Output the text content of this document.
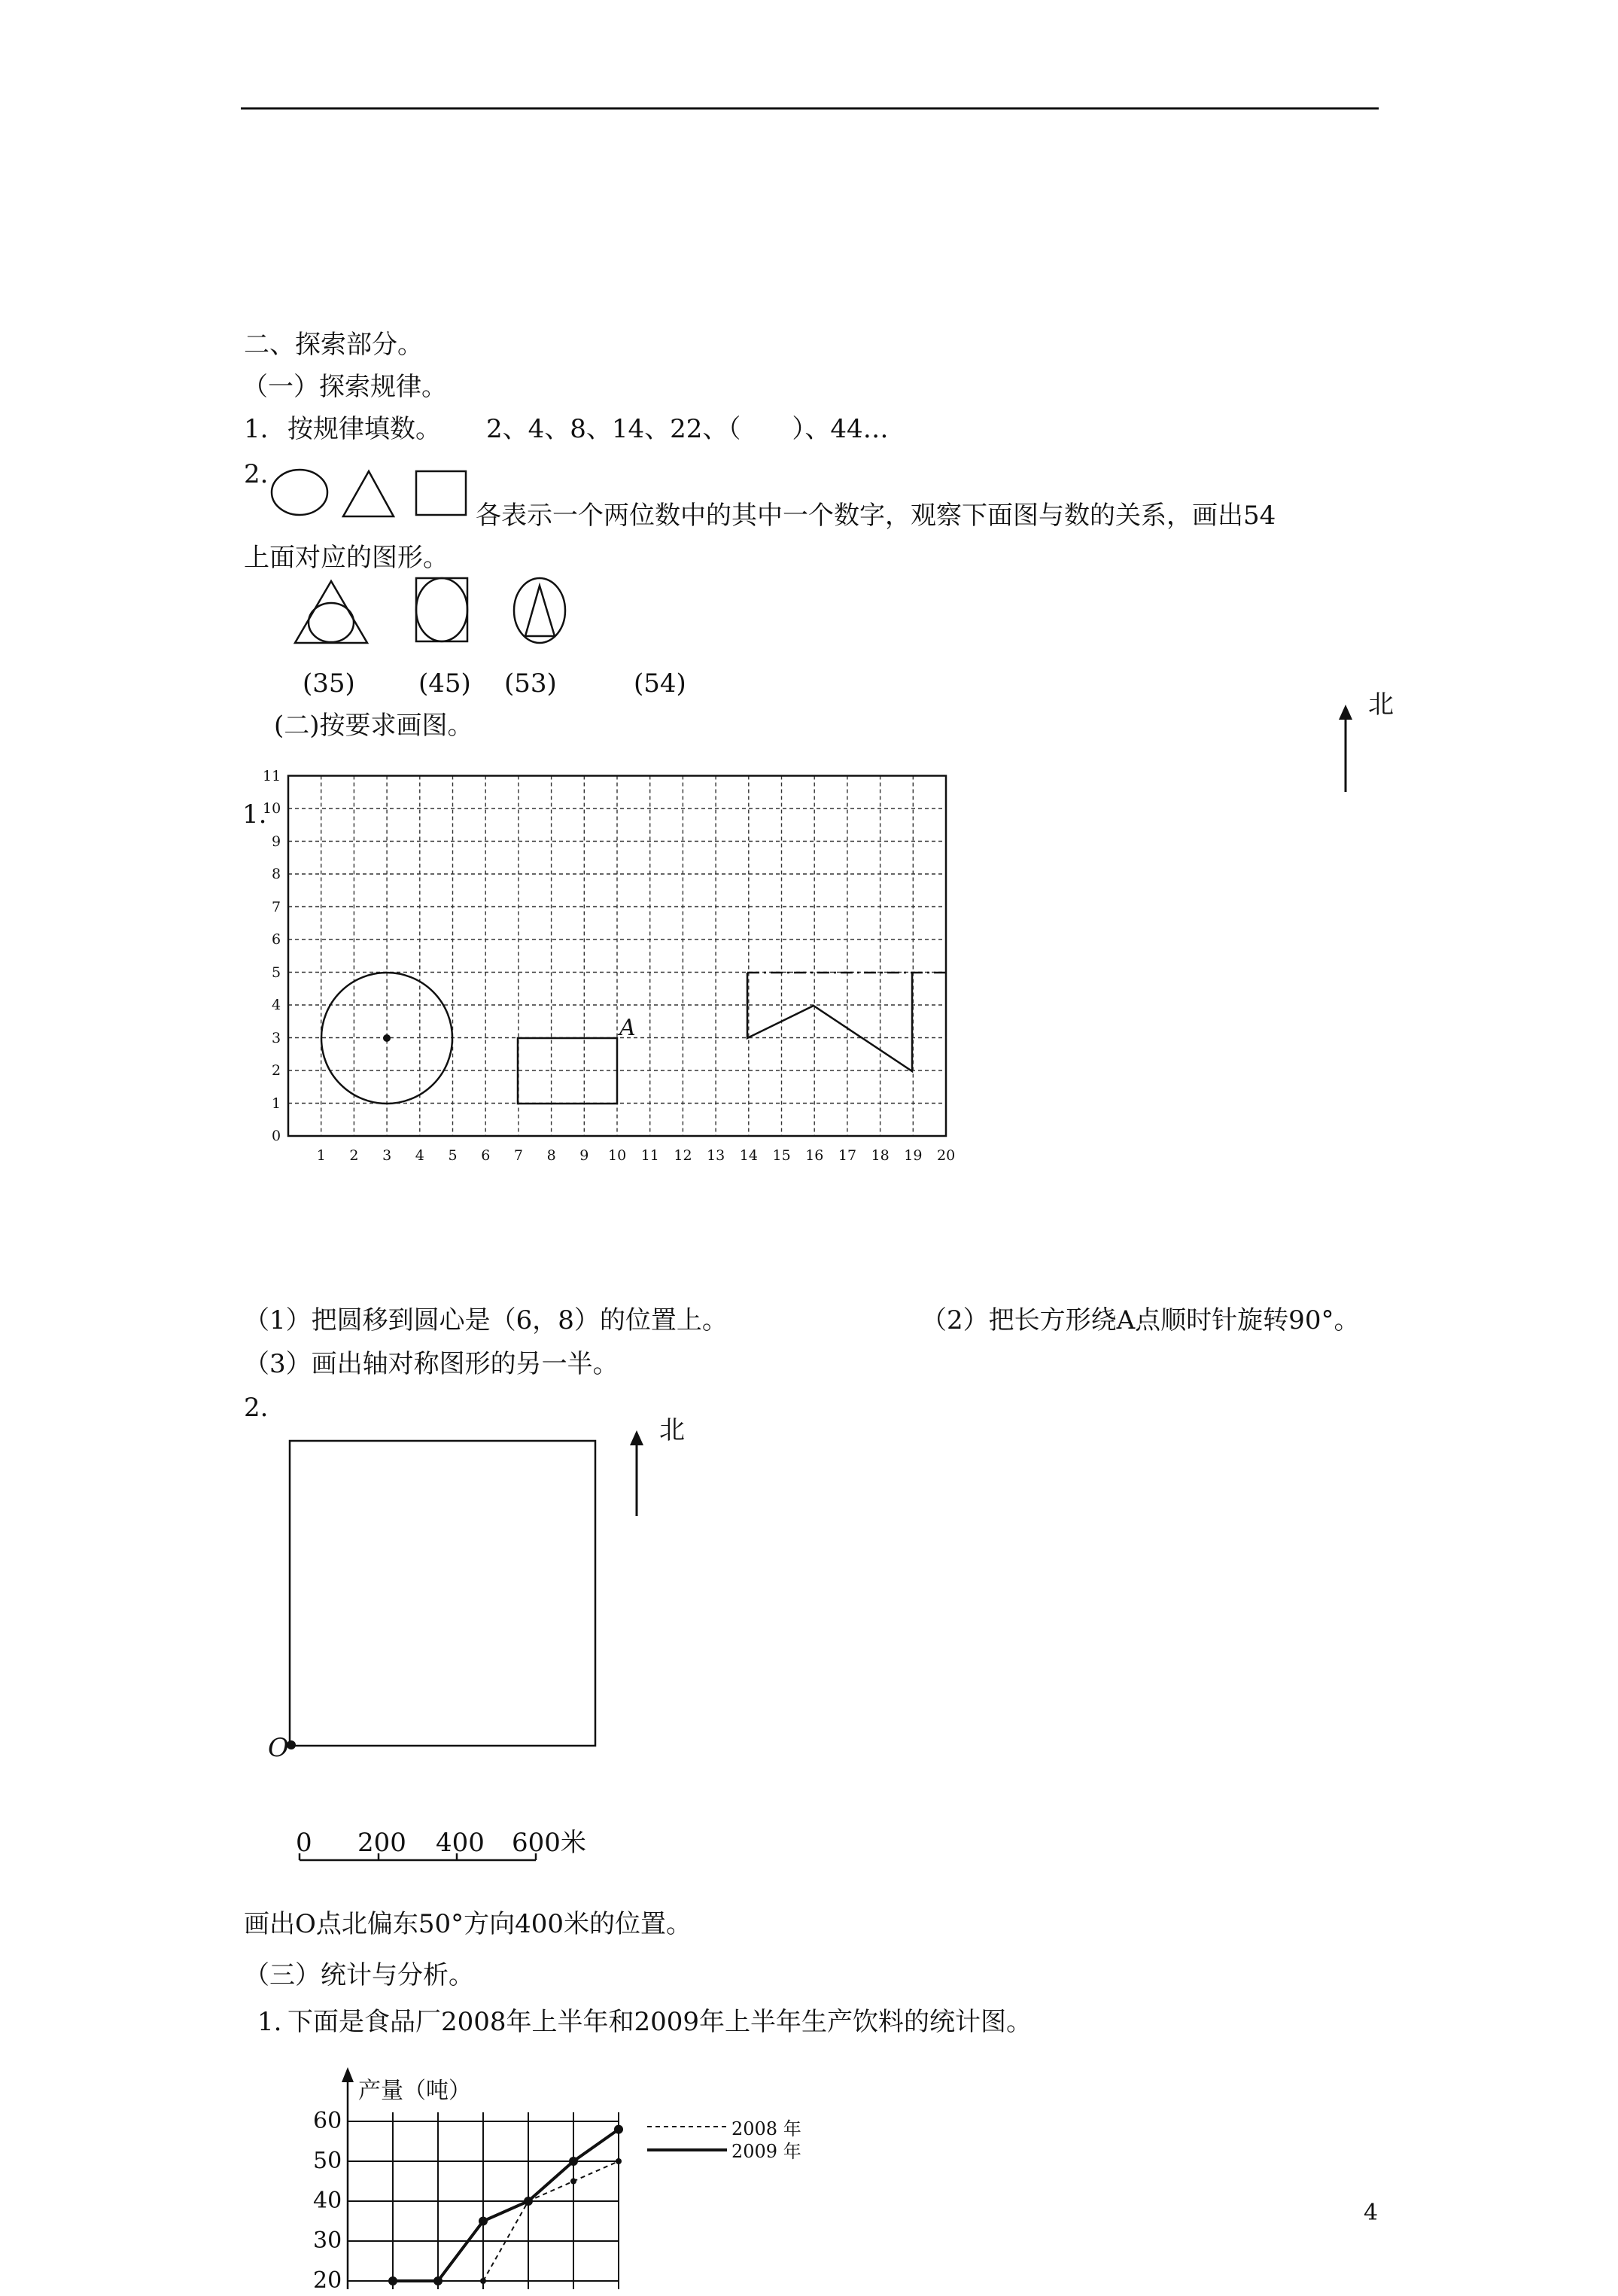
二、探索部分。
（一）探索规律。
1. 按规律填数。 2、4、8、14、22、（　　）、44…
2.
各表示一个两位数中的其中一个数字，观察下面图与数的关系，画出54
上面对应的图形。
(35) (45) (53)	(54)
北
(二)按要求画图。
1.
1 2 3 4 5 6 7 8 9 10 11 12 13 14 15 16 17 18 19 20
0
1
2
3
4
5
6
7
8
9
10
11
A
（1）把圆移到圆心是（6，8）的位置上。	（2）把长方形绕A点顺时针旋转90°。
（3）画出轴对称图形的另一半。
2.
北
O
0 200 400 600米
画出O点北偏东50°方向400米的位置。
（三）统计与分析。
1. 下面是食品厂2008年上半年和2009年上半年生产饮料的统计图。
产量（吨）
20
30
40
50
60	2008 年
2009 年
4
